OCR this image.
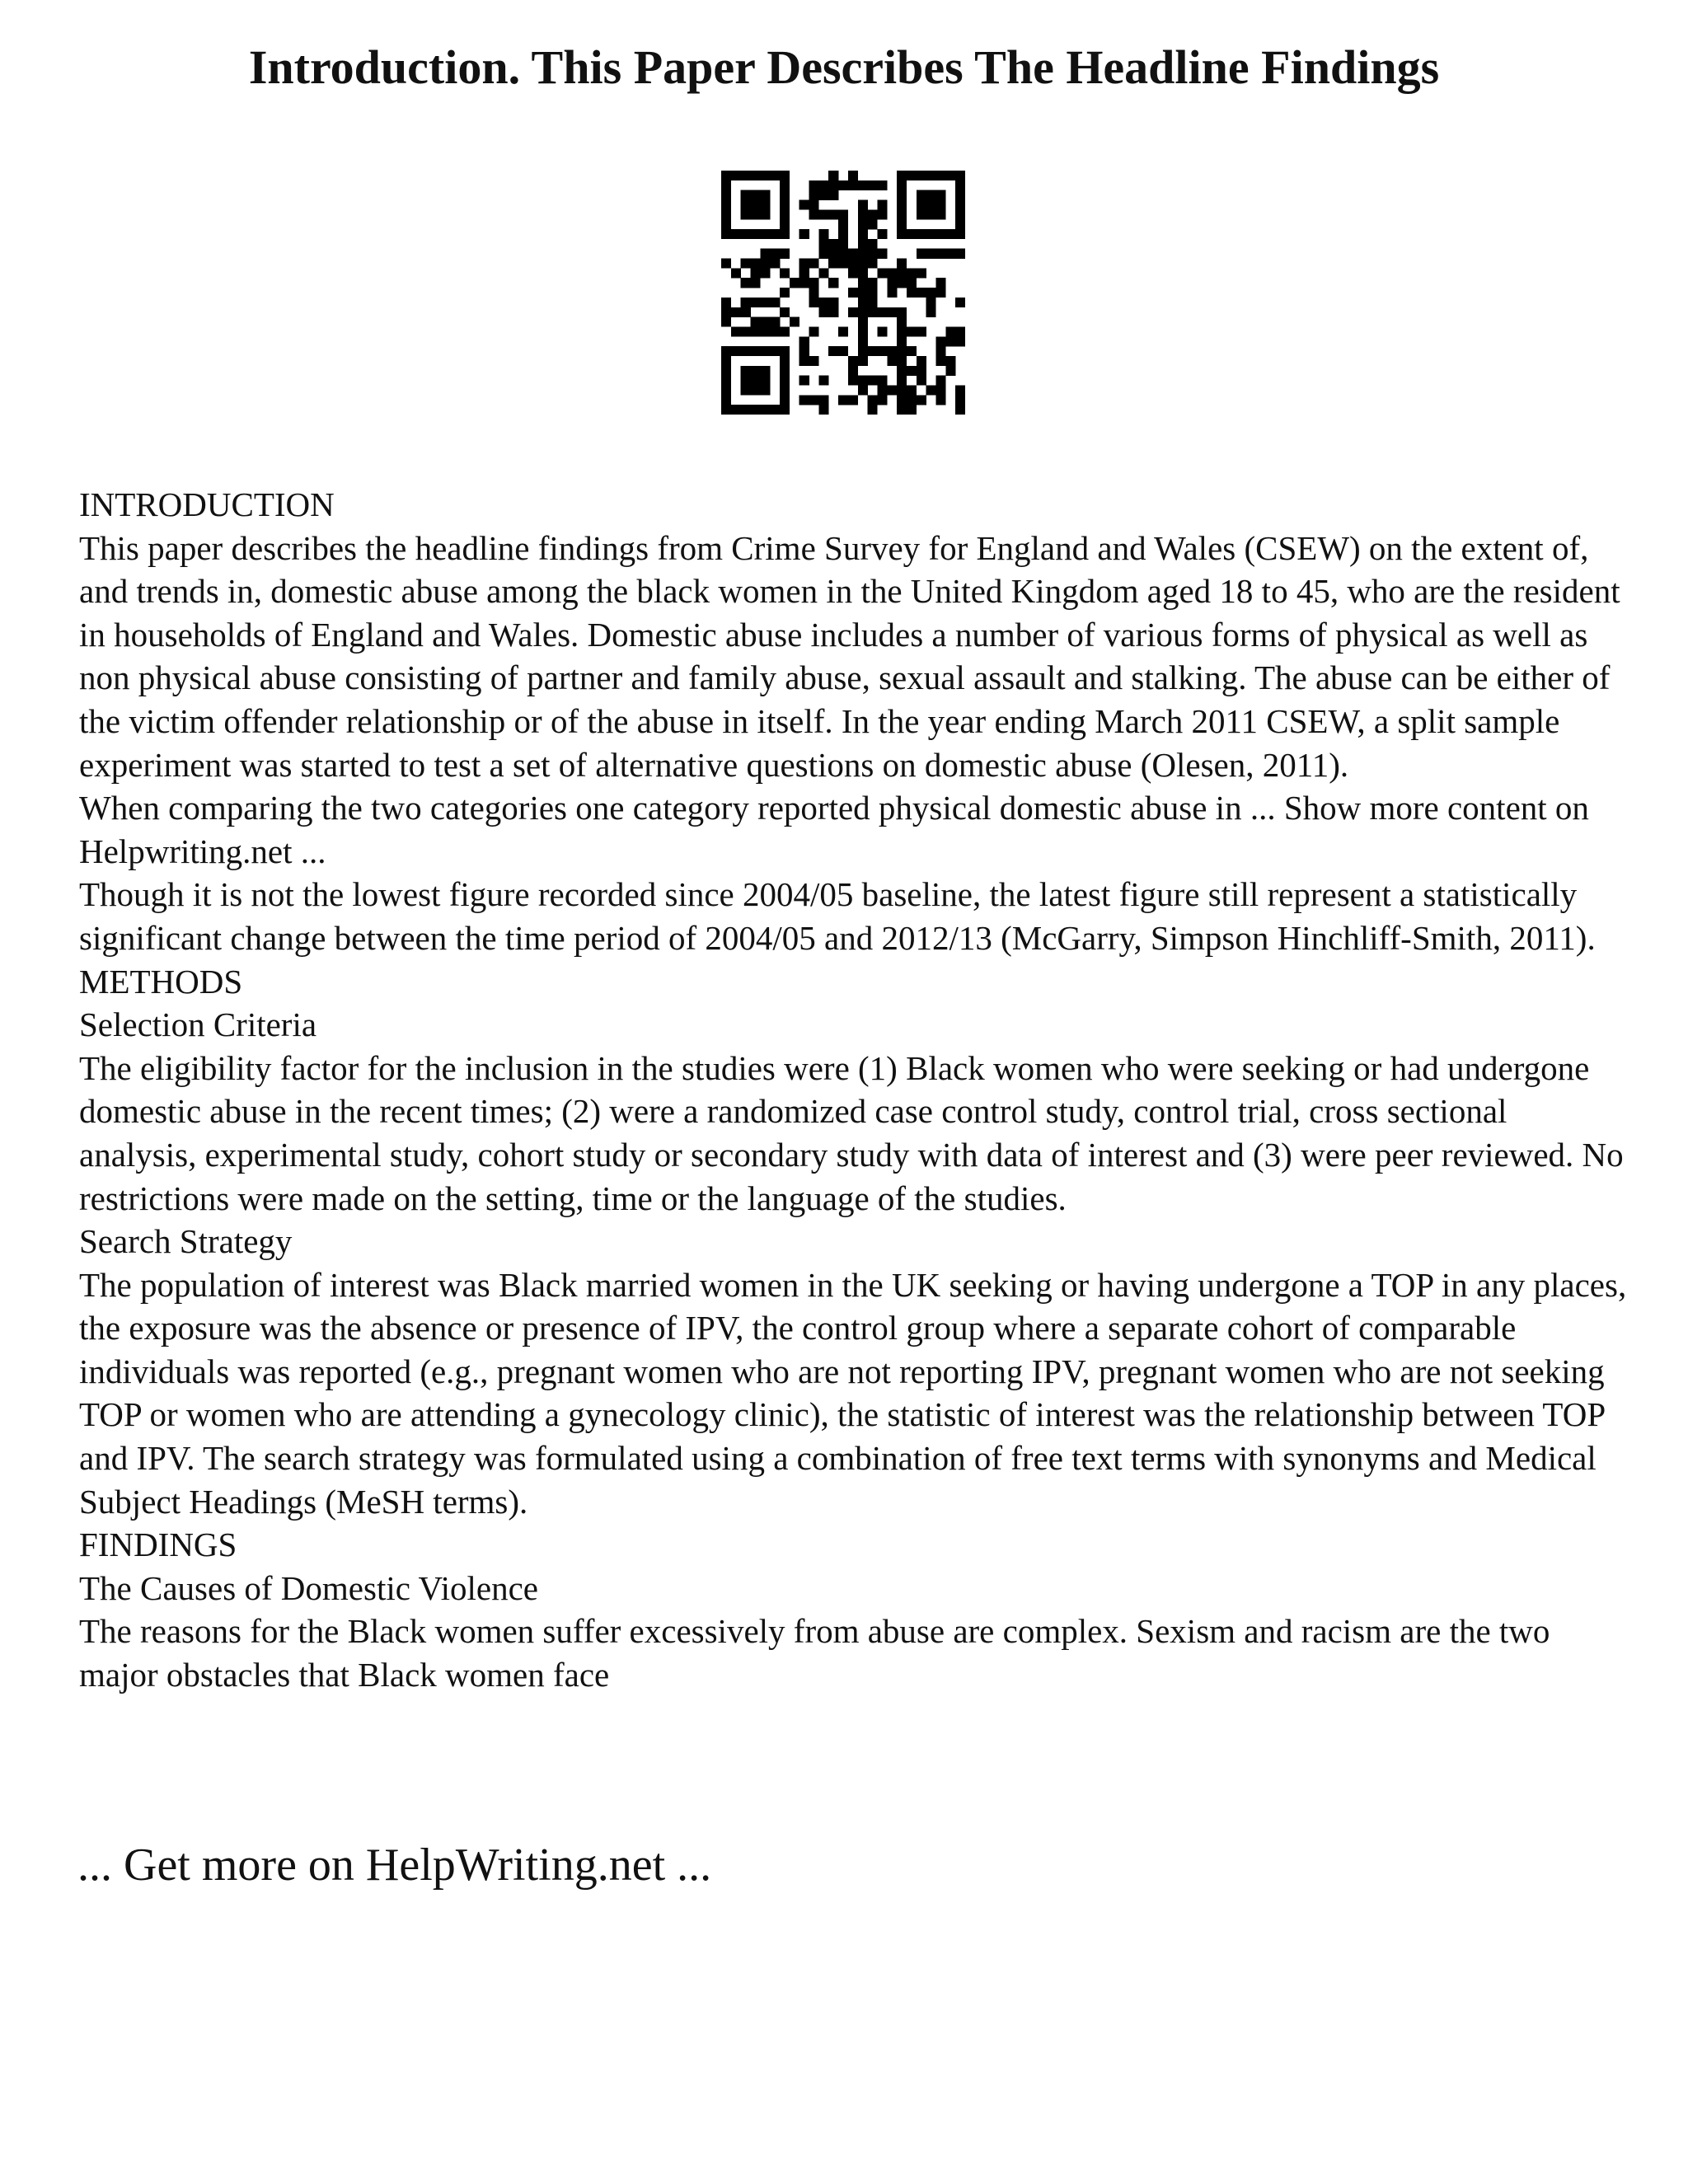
Introduction. This Paper Describes The Headline Findings

INTRODUCTION

This paper describes the headline findings from Crime Survey for England and Wales (CSEW) on the extent of, and trends in, domestic abuse among the black women in the United Kingdom aged 18 to 45, who are the resident in households of England and Wales. Domestic abuse includes a number of various forms of physical as well as non physical abuse consisting of partner and family abuse, sexual assault and stalking. The abuse can be either of the victim offender relationship or of the abuse in itself. In the year ending March 2011 CSEW, a split sample experiment was started to test a set of alternative questions on domestic abuse (Olesen, 2011).

When comparing the two categories one category reported physical domestic abuse in ... Show more content on Helpwriting.net ...

Though it is not the lowest figure recorded since 2004/05 baseline, the latest figure still represent a statistically significant change between the time period of 2004/05 and 2012/13 (McGarry, Simpson Hinchliff-Smith, 2011).

METHODS

Selection Criteria

The eligibility factor for the inclusion in the studies were (1) Black women who were seeking or had undergone domestic abuse in the recent times; (2) were a randomized case control study, control trial, cross sectional analysis, experimental study, cohort study or secondary study with data of interest and (3) were peer reviewed. No restrictions were made on the setting, time or the language of the studies.

Search Strategy

The population of interest was Black married women in the UK seeking or having undergone a TOP in any places, the exposure was the absence or presence of IPV, the control group where a separate cohort of comparable individuals was reported (e.g., pregnant women who are not reporting IPV, pregnant women who are not seeking TOP or women who are attending a gynecology clinic), the statistic of interest was the relationship between TOP and IPV. The search strategy was formulated using a combination of free text terms with synonyms and Medical Subject Headings (MeSH terms).

FINDINGS

The Causes of Domestic Violence

The reasons for the Black women suffer excessively from abuse are complex. Sexism and racism are the two major obstacles that Black women face

... Get more on HelpWriting.net ...
